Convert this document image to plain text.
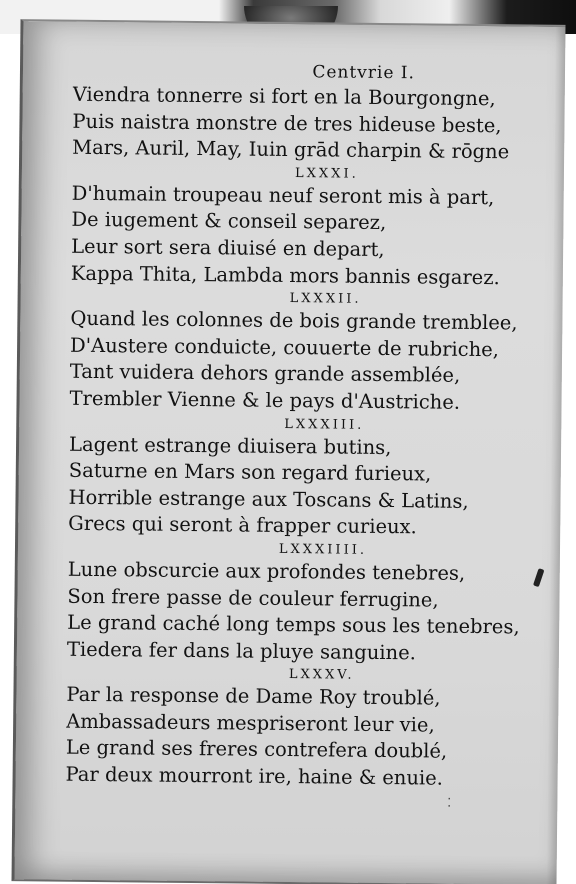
Centvrie I.
Viendra tonnerre si fort en la Bourgongne,
Puis naistra monstre de tres hideuse beste,
Mars, Auril, May, Iuin grād charpin & rōgne
LXXXI.
D'humain troupeau neuf seront mis à part,
De iugement & conseil separez,
Leur sort sera diuisé en depart,
Kappa Thita, Lambda mors bannis esgarez.
LXXXII.
Quand les colonnes de bois grande tremblee,
D'Austere conduicte, couuerte de rubriche,
Tant vuidera dehors grande assemblée,
Trembler Vienne & le pays d'Austriche.
LXXXIII.
Lagent estrange diuisera butins,
Saturne en Mars son regard furieux,
Horrible estrange aux Toscans & Latins,
Grecs qui seront à frapper curieux.
LXXXIIII.
Lune obscurcie aux profondes tenebres,
Son frere passe de couleur ferrugine,
Le grand caché long temps sous les tenebres,
Tiedera fer dans la pluye sanguine.
LXXXV.
Par la response de Dame Roy troublé,
Ambassadeurs mespriseront leur vie,
Le grand ses freres contrefera doublé,
Par deux mourront ire, haine & enuie.
⁚
